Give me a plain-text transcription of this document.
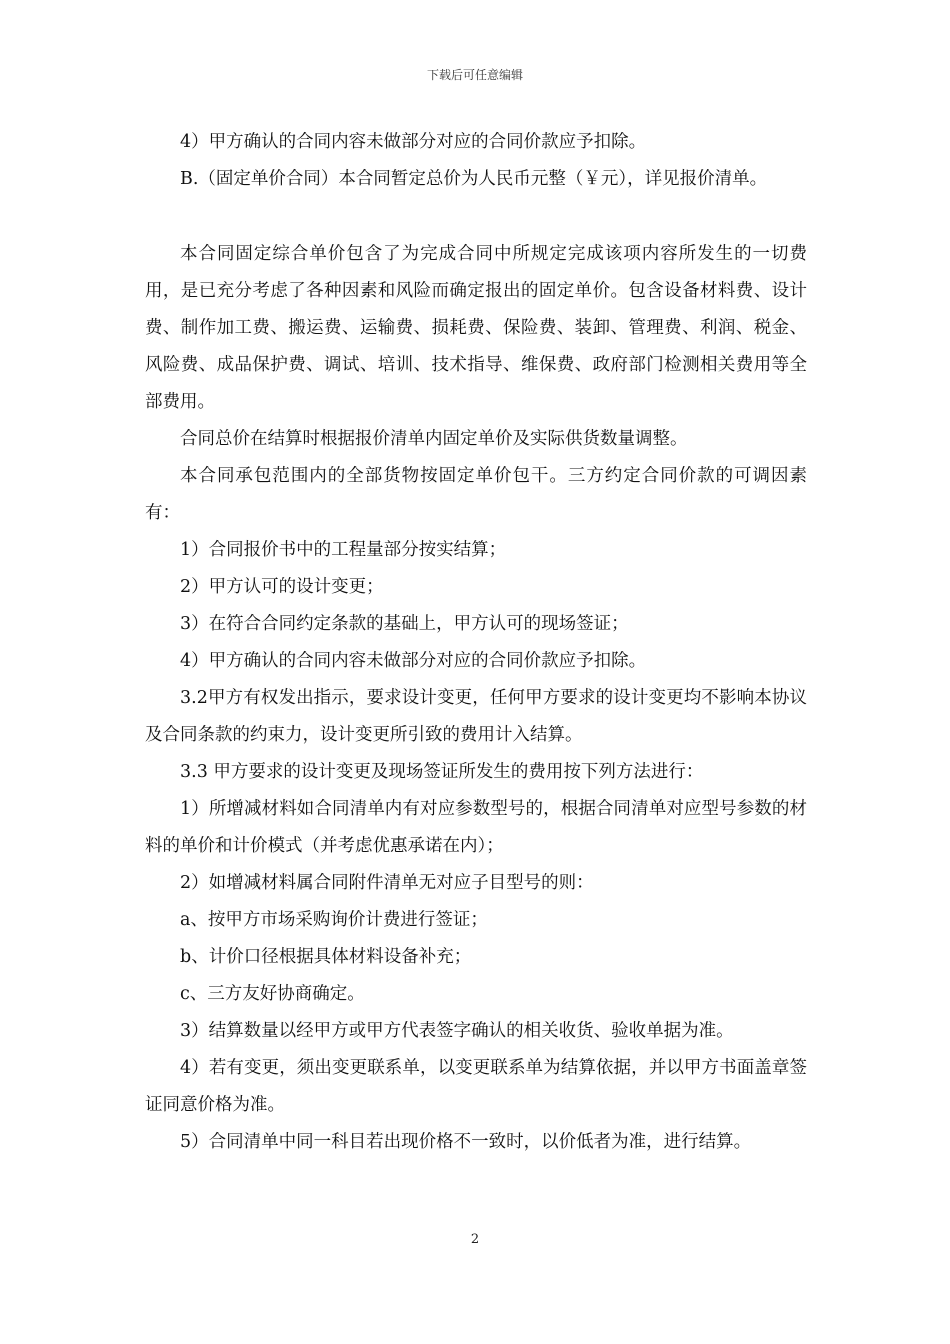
下载后可任意编辑

4）甲方确认的合同内容未做部分对应的合同价款应予扣除。

B.（固定单价合同）本合同暂定总价为人民币元整（￥元），详见报价清单。

本合同固定综合单价包含了为完成合同中所规定完成该项内容所发生的一切费用，是已充分考虑了各种因素和风险而确定报出的固定单价。包含设备材料费、设计费、制作加工费、搬运费、运输费、损耗费、保险费、装卸、管理费、利润、税金、风险费、成品保护费、调试、培训、技术指导、维保费、政府部门检测相关费用等全部费用。

合同总价在结算时根据报价清单内固定单价及实际供货数量调整。

本合同承包范围内的全部货物按固定单价包干。三方约定合同价款的可调因素有：

1）合同报价书中的工程量部分按实结算；

2）甲方认可的设计变更；

3）在符合合同约定条款的基础上，甲方认可的现场签证；

4）甲方确认的合同内容未做部分对应的合同价款应予扣除。

3.2甲方有权发出指示，要求设计变更，任何甲方要求的设计变更均不影响本协议及合同条款的约束力，设计变更所引致的费用计入结算。

3.3 甲方要求的设计变更及现场签证所发生的费用按下列方法进行：

1）所增减材料如合同清单内有对应参数型号的，根据合同清单对应型号参数的材料的单价和计价模式（并考虑优惠承诺在内）；

2）如增减材料属合同附件清单无对应子目型号的则：

a、按甲方市场采购询价计费进行签证；

b、计价口径根据具体材料设备补充；

c、三方友好协商确定。

3）结算数量以经甲方或甲方代表签字确认的相关收货、验收单据为准。

4）若有变更，须出变更联系单，以变更联系单为结算依据，并以甲方书面盖章签证同意价格为准。

5）合同清单中同一科目若出现价格不一致时，以价低者为准，进行结算。

2
